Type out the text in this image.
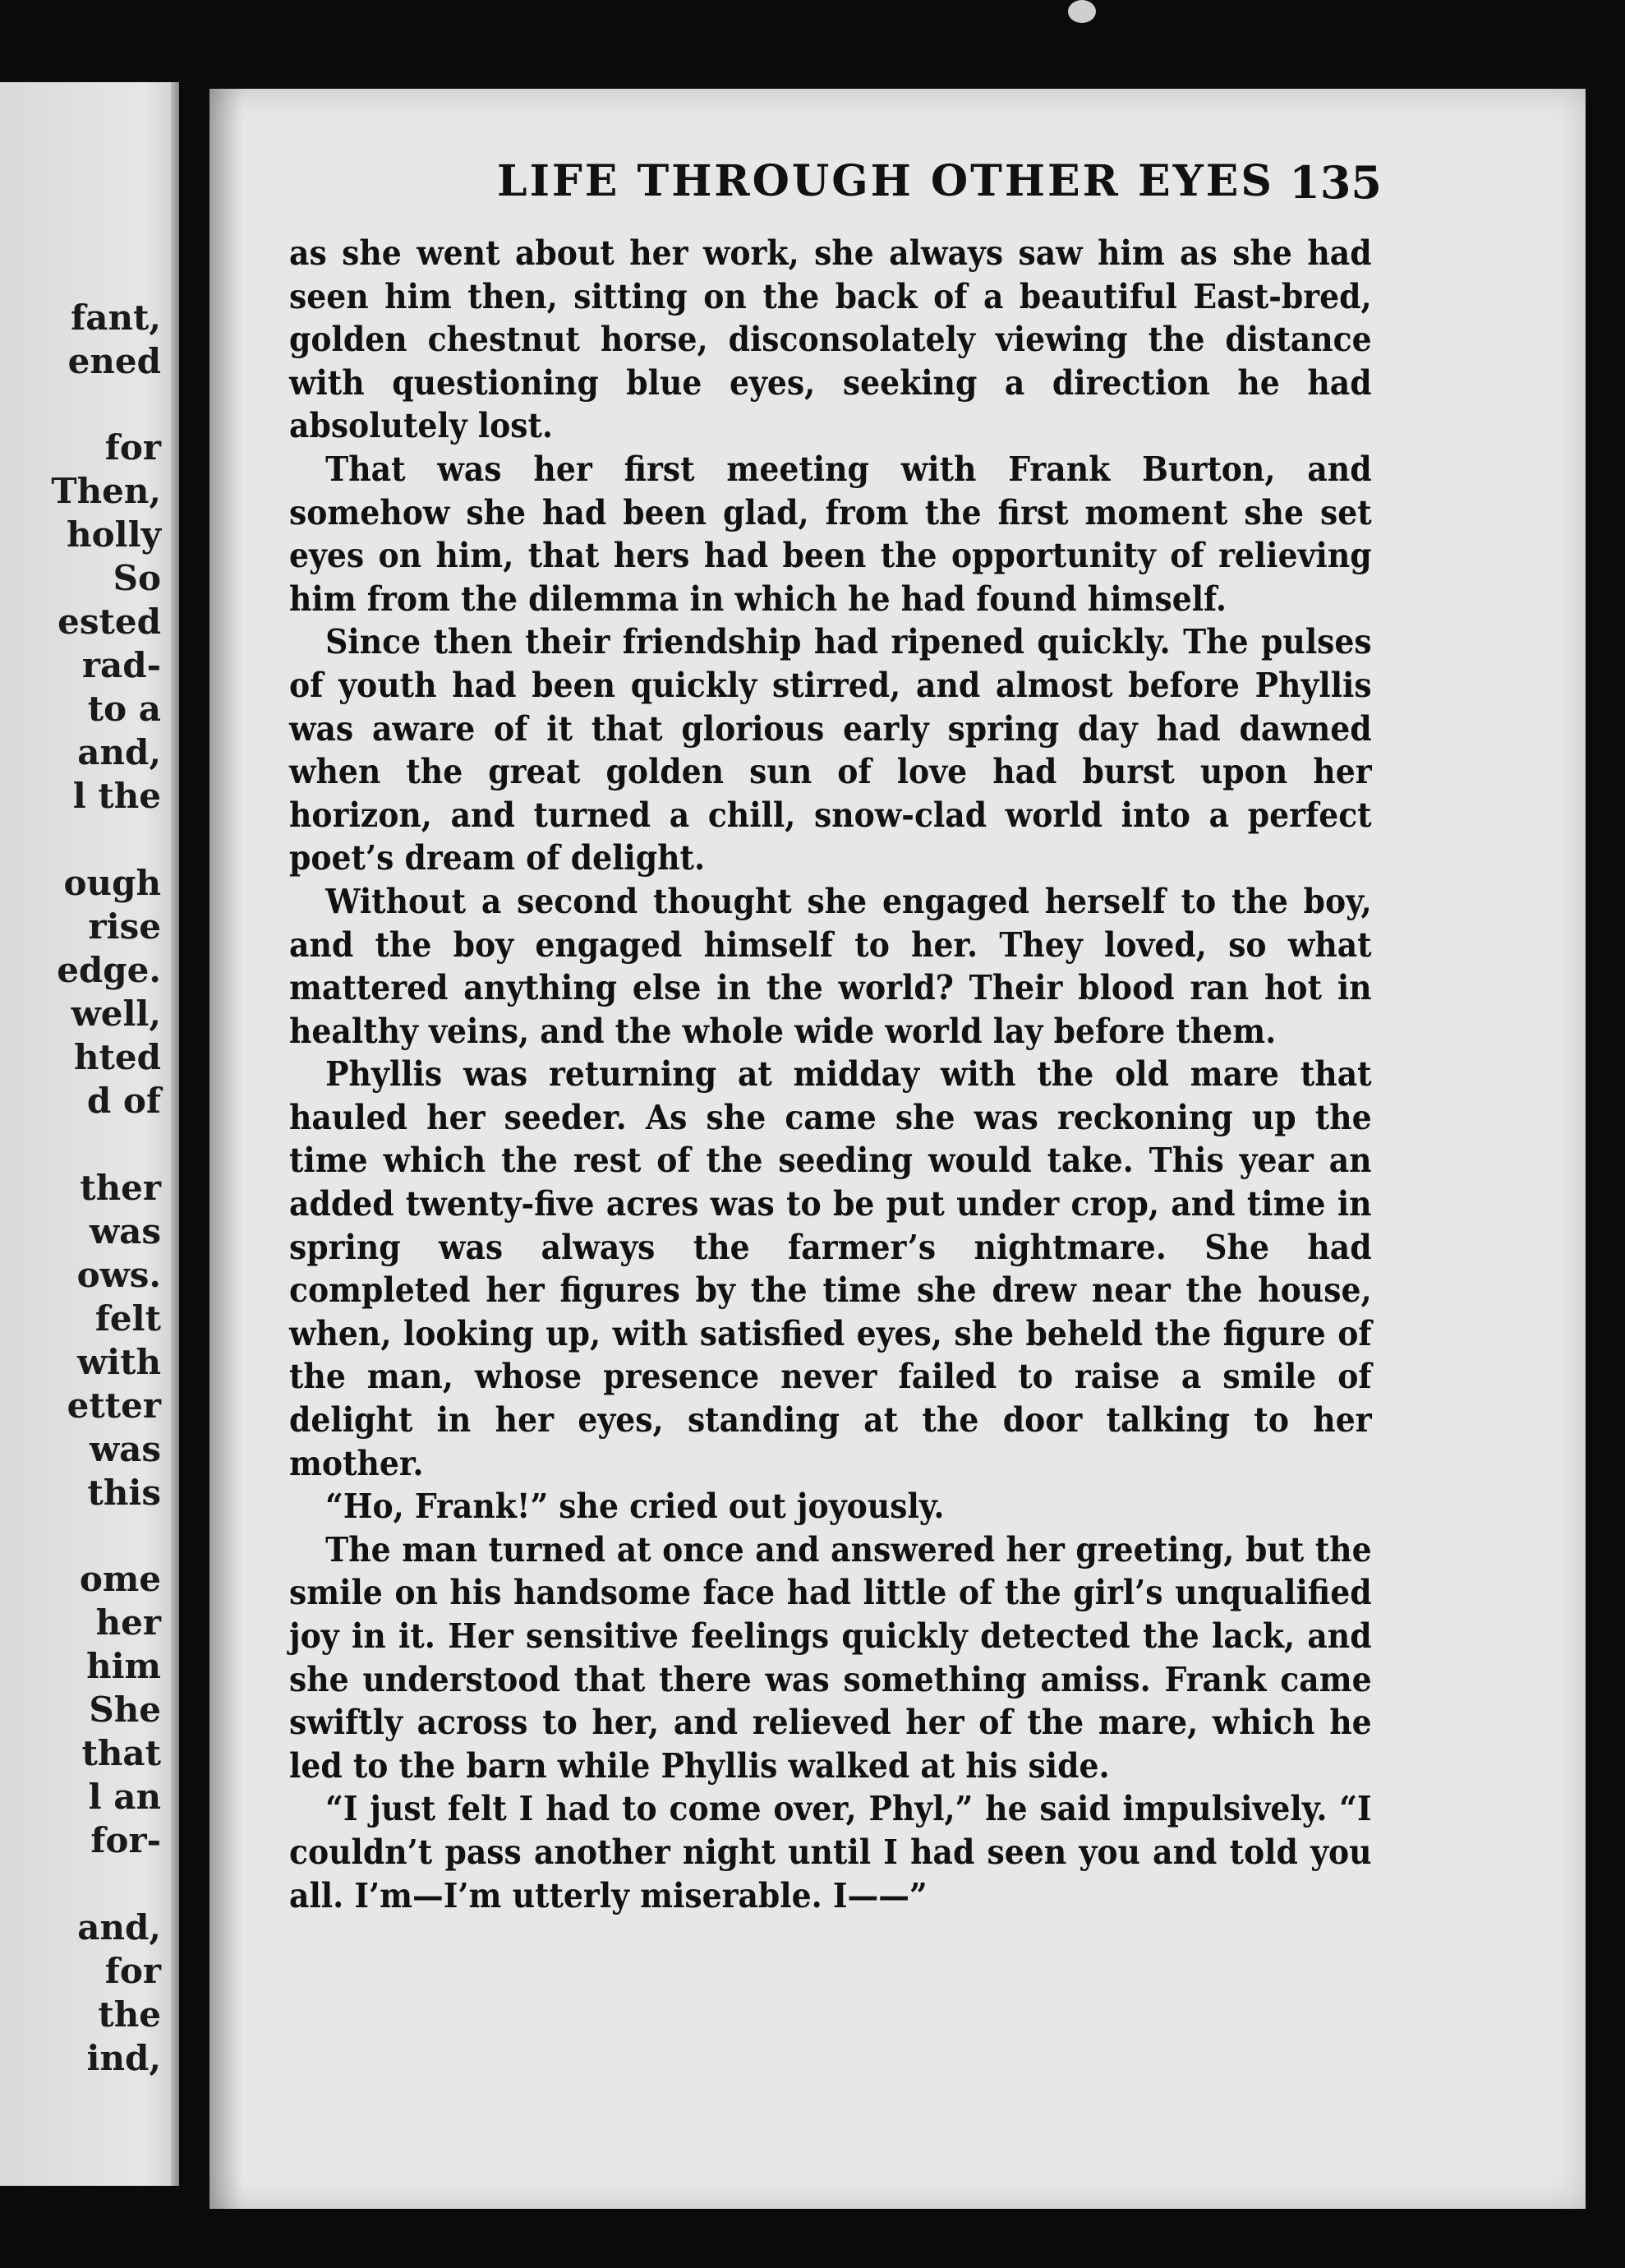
fant,

ened

for

Then,

holly

So

ested

rad-

to a

and,

l the

ough

rise

edge.

well,

hted

d of

ther

was

ows.

felt

with

etter

was

this

ome

her

him

She

that

l an

for-

and,

for

the

ind,

LIFE THROUGH OTHER EYES 135

as she went about her work, she always saw him as she had seen him then, sitting on the back of a beautiful East-bred, golden chestnut horse, disconsolately viewing the distance with questioning blue eyes, seeking a direction he had absolutely lost.

That was her first meeting with Frank Burton, and somehow she had been glad, from the first moment she set eyes on him, that hers had been the opportunity of relieving him from the dilemma in which he had found himself.

Since then their friendship had ripened quickly. The pulses of youth had been quickly stirred, and almost before Phyllis was aware of it that glorious early spring day had dawned when the great golden sun of love had burst upon her horizon, and turned a chill, snow-clad world into a perfect poet’s dream of delight.

Without a second thought she engaged herself to the boy, and the boy engaged himself to her. They loved, so what mattered anything else in the world? Their blood ran hot in healthy veins, and the whole wide world lay before them.

Phyllis was returning at midday with the old mare that hauled her seeder. As she came she was reckoning up the time which the rest of the seeding would take. This year an added twenty-five acres was to be put under crop, and time in spring was always the farmer’s nightmare. She had completed her figures by the time she drew near the house, when, looking up, with satisfied eyes, she beheld the figure of the man, whose presence never failed to raise a smile of delight in her eyes, standing at the door talking to her mother.

“Ho, Frank!” she cried out joyously.

The man turned at once and answered her greeting, but the smile on his handsome face had little of the girl’s unqualified joy in it. Her sensitive feelings quickly detected the lack, and she understood that there was something amiss. Frank came swiftly across to her, and relieved her of the mare, which he led to the barn while Phyllis walked at his side.

“I just felt I had to come over, Phyl,” he said impulsively. “I couldn’t pass another night until I had seen you and told you all. I’m—I’m utterly miserable. I——”
